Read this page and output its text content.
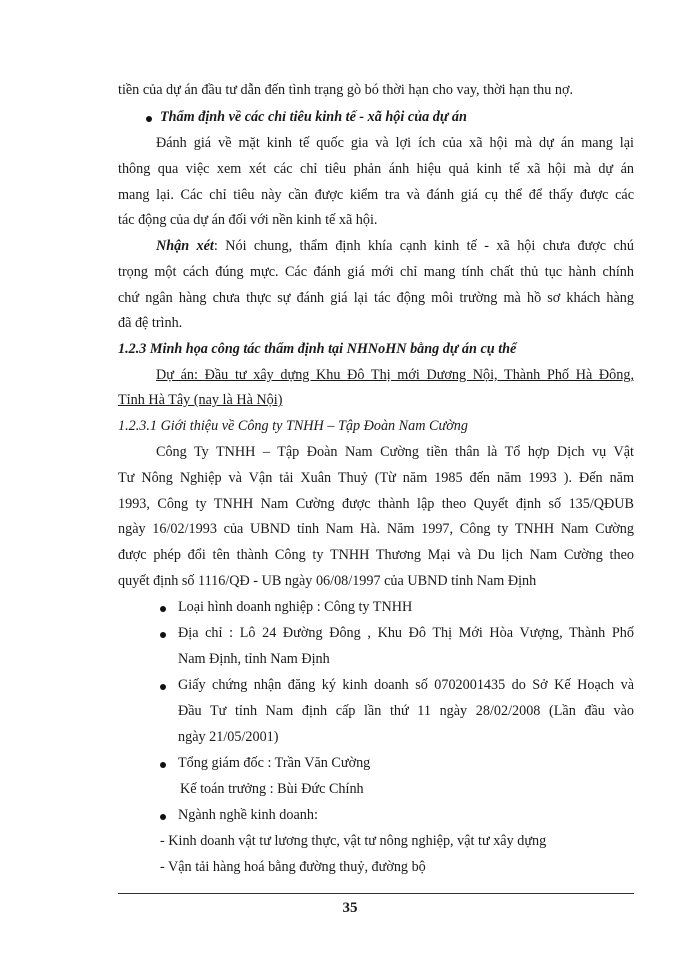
tiền của dự án đầu tư dẫn đến tình trạng gò bó thời hạn cho vay, thời hạn thu nợ.
Thẩm định về các chỉ tiêu kinh tế - xã hội của dự án
Đánh giá về mặt kinh tế quốc gia và lợi ích của xã hội mà dự án mang lại
thông qua việc xem xét các chỉ tiêu phản ánh hiệu quả kinh tế xã hội mà dự án
mang lại. Các chỉ tiêu này cần được kiểm tra và đánh giá cụ thể để thấy được các
tác động của dự án đối với nền kinh tế xã hội.
Nhận xét: Nói chung, thẩm định khía cạnh kinh tế - xã hội chưa được chú
trọng một cách đúng mực. Các đánh giá mới chỉ mang tính chất thủ tục hành chính
chứ ngân hàng chưa thực sự đánh giá lại tác động môi trường mà hồ sơ khách hàng
đã đệ trình.
1.2.3 Minh họa công tác thẩm định tại NHNoHN bằng dự án cụ thể
Dự án: Đầu tư xây dựng Khu Đô Thị mới Dương Nội, Thành Phố Hà Đông,
Tỉnh Hà Tây (nay là Hà Nội)
1.2.3.1 Giới thiệu về Công ty TNHH – Tập Đoàn Nam Cường
Công Ty TNHH – Tập Đoàn Nam Cường tiền thân là Tổ hợp Dịch vụ Vật
Tư Nông Nghiệp và Vận tải Xuân Thuỷ (Từ năm 1985 đến năm 1993 ). Đến năm
1993, Công ty TNHH Nam Cường được thành lập theo Quyết định số 135/QĐUB
ngày 16/02/1993 của UBND tỉnh Nam Hà. Năm 1997, Công ty TNHH Nam Cường
được phép đổi tên thành Công ty TNHH Thương Mại và Du lịch Nam Cường theo
quyết định số 1116/QĐ - UB ngày 06/08/1997 của UBND tỉnh Nam Định
Loại hình doanh nghiệp : Công ty TNHH
Địa chỉ : Lô 24 Đường Đông , Khu Đô Thị Mới Hòa Vượng, Thành Phố
Nam Định, tỉnh Nam Định
Giấy chứng nhận đăng ký kinh doanh số 0702001435 do Sở Kế Hoạch và
Đầu Tư tỉnh Nam định cấp lần thứ 11 ngày 28/02/2008 (Lần đầu vào
ngày 21/05/2001)
Tổng giám đốc : Trần Văn Cường
Kế toán trưởng : Bùi Đức Chính
Ngành nghề kinh doanh:
- Kinh doanh vật tư lương thực, vật tư nông nghiệp, vật tư xây dựng
- Vận tải hàng hoá bằng đường thuỷ, đường bộ
35
